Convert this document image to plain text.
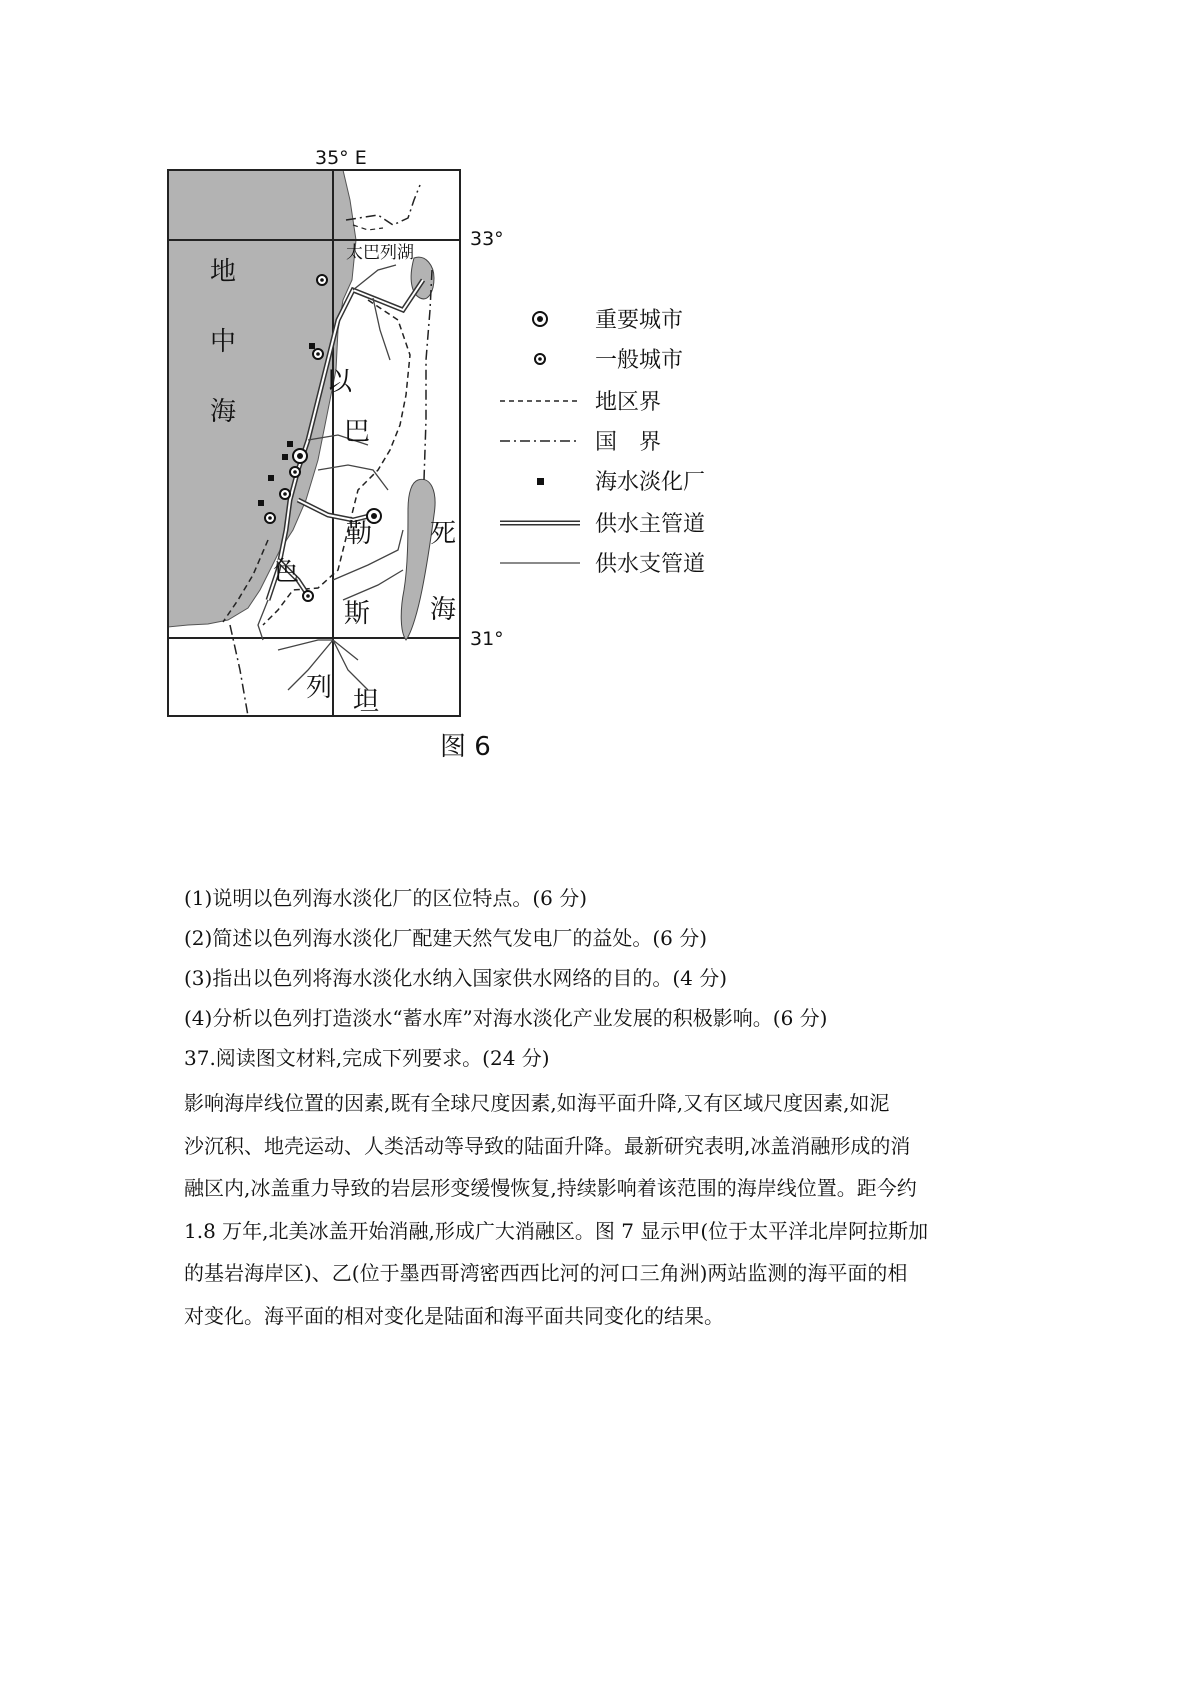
地
中
海
以
色
列
巴
勒
斯
坦
死
海
太巴列湖
35° E
33°
31°
重要城市
一般城市
地区界
国　界
海水淡化厂
供水主管道
供水支管道
图 6
(1)说明以色列海水淡化厂的区位特点。(6 分)
(2)简述以色列海水淡化厂配建天然气发电厂的益处。(6 分)
(3)指出以色列将海水淡化水纳入国家供水网络的目的。(4 分)
(4)分析以色列打造淡水“蓄水库”对海水淡化产业发展的积极影响。(6 分)
37.阅读图文材料,完成下列要求。(24 分)
影响海岸线位置的因素,既有全球尺度因素,如海平面升降,又有区域尺度因素,如泥
沙沉积、地壳运动、人类活动等导致的陆面升降。最新研究表明,冰盖消融形成的消
融区内,冰盖重力导致的岩层形变缓慢恢复,持续影响着该范围的海岸线位置。距今约
1.8 万年,北美冰盖开始消融,形成广大消融区。图 7 显示甲(位于太平洋北岸阿拉斯加
的基岩海岸区)、乙(位于墨西哥湾密西西比河的河口三角洲)两站监测的海平面的相
对变化。海平面的相对变化是陆面和海平面共同变化的结果。
